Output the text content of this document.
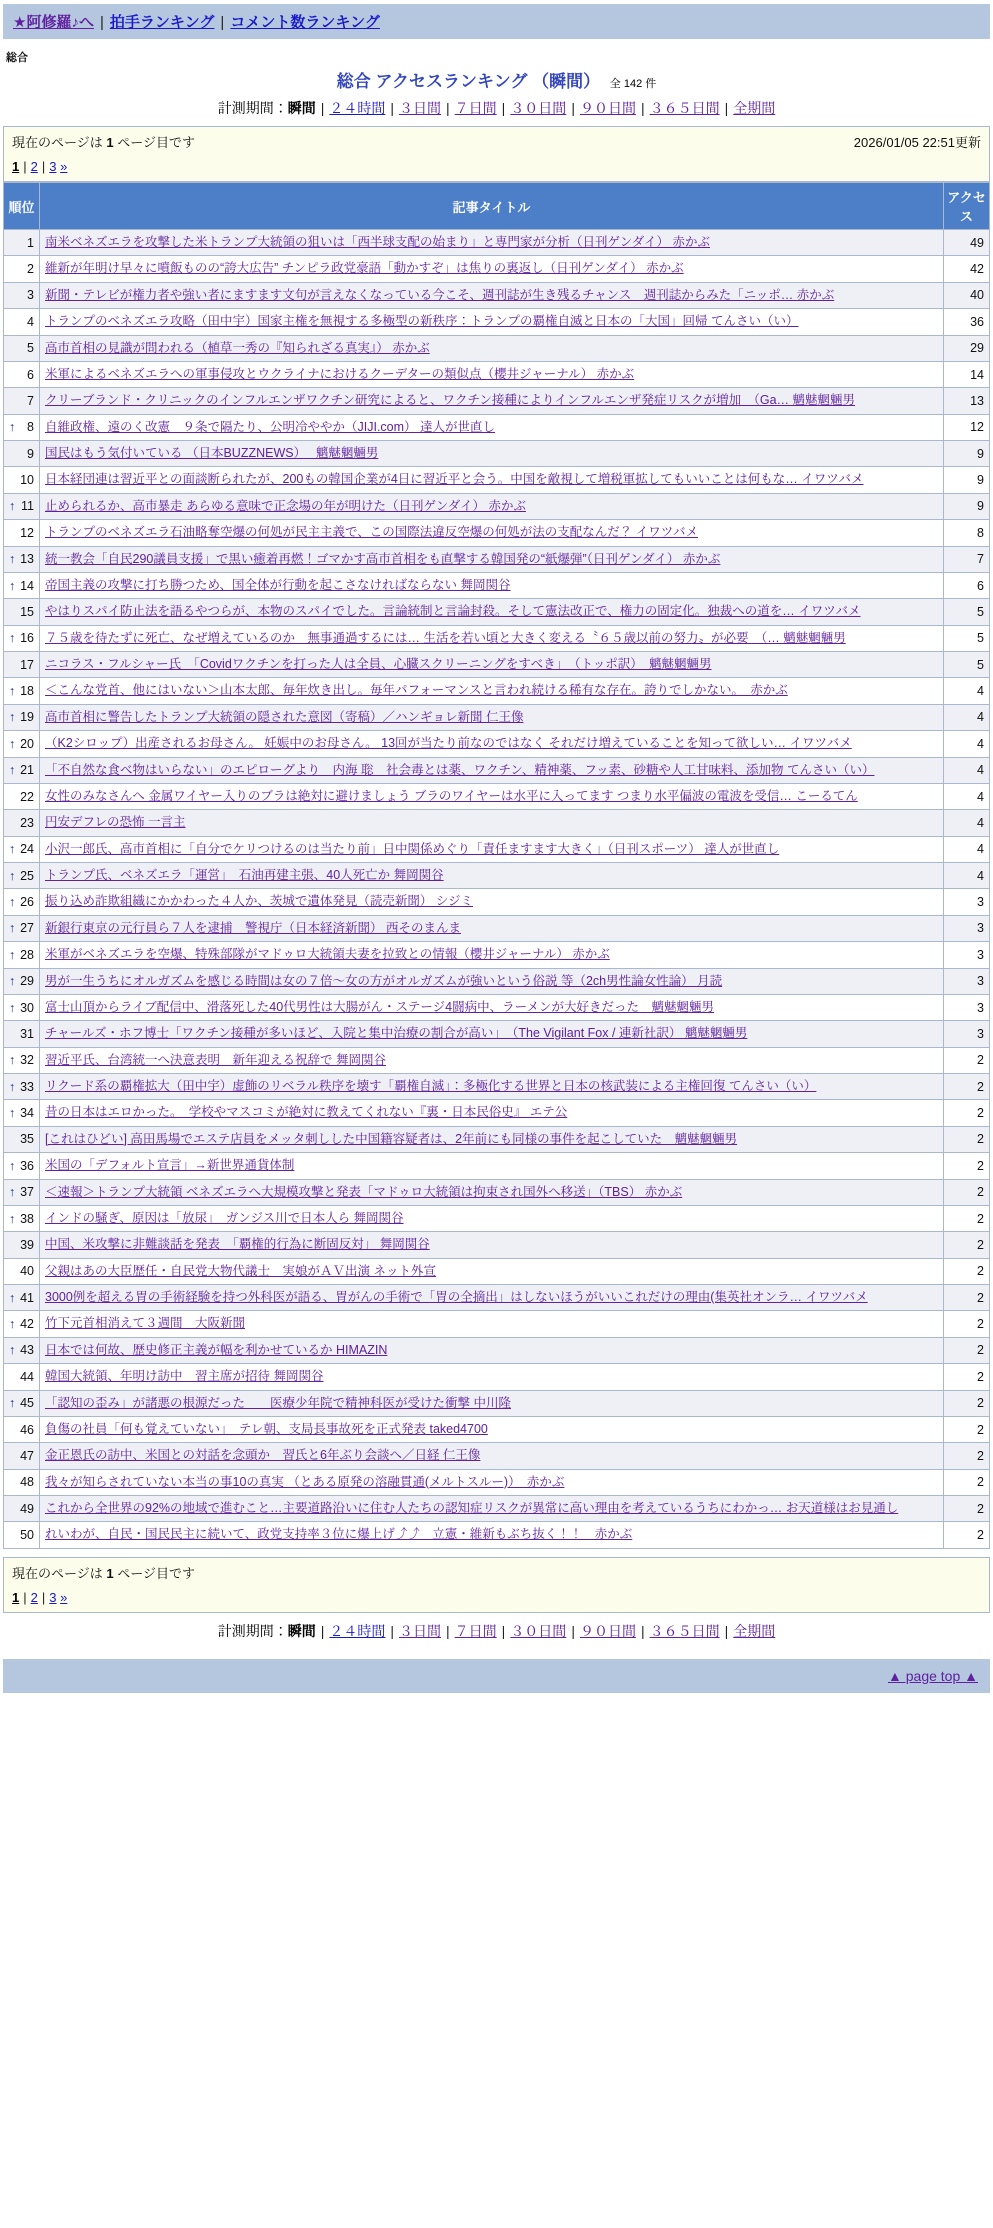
★阿修羅♪へ | 拍手ランキング | コメント数ランキング
総合
総合 アクセスランキング （瞬間） 全 142 件
計測期間：瞬間 | ２４時間 | ３日間 | ７日間 | ３０日間 | ９０日間 | ３６５日間 | 全期間
現在のページは 1 ページ目です	2026/01/05 22:51更新
1 | 2 | 3 »
順位	記事タイトル	アクセス
1	南米ベネズエラを攻撃した米トランプ大統領の狙いは「西半球支配の始まり」と専門家が分析（日刊ゲンダイ） 赤かぶ	49
2	維新が年明け早々に噴飯ものの“誇大広告” チンピラ政党豪語「動かすぞ」は焦りの裏返し（日刊ゲンダイ） 赤かぶ	42
3	新聞・テレビが権力者や強い者にますます文句が言えなくなっている今こそ、週刊誌が生き残るチャンス　週刊誌からみた「ニッポ… 赤かぶ	40
4	トランプのベネズエラ攻略（田中宇）国家主権を無視する多極型の新秩序：トランプの覇権自滅と日本の「大国」回帰 てんさい（い）	36
5	高市首相の見識が問われる（植草一秀の『知られざる真実』） 赤かぶ	29
6	米軍によるベネズエラへの軍事侵攻とウクライナにおけるクーデターの類似点（櫻井ジャーナル） 赤かぶ	14
7	クリーブランド・クリニックのインフルエンザワクチン研究によると、ワクチン接種によりインフルエンザ発症リスクが増加　（Ga… 魑魅魍魎男	13

↑ 8	自維政権、遠のく改憲　９条で隔たり、公明冷ややか（JIJI.com） 達人が世直し	12
9	国民はもう気付いている （日本BUZZNEWS）　 魑魅魍魎男	9
10	日本経団連は習近平との面談断られたが、200もの韓国企業が4日に習近平と会う。中国を敵視して増税軍拡してもいいことは何もな… イワツバメ	9

↑ 11	止められるか、高市暴走 あらゆる意味で正念場の年が明けた（日刊ゲンダイ） 赤かぶ	9
12	トランプのベネズエラ石油略奪空爆の何処が民主主義で、この国際法違反空爆の何処が法の支配なんだ？ イワツバメ	8

↑ 13	統一教会「自民290議員支援」で黒い癒着再燃！ゴマかす高市首相をも直撃する韓国発の“紙爆弾”（日刊ゲンダイ） 赤かぶ	7

↑ 14	帝国主義の攻撃に打ち勝つため、国全体が行動を起こさなければならない 舞岡関谷	6
15	やはりスパイ防止法を語るやつらが、本物のスパイでした。言論統制と言論封殺。そして憲法改正で、権力の固定化。独裁への道を… イワツバメ	5

↑ 16	７５歳を待たずに死亡、なぜ増えているのか　無事通過するには… 生活を若い頃と大きく変える〝６５歳以前の努力〟が必要　（… 魑魅魍魎男	5
17	ニコラス・フルシャー氏　「Covidワクチンを打った人は全員、心臓スクリーニングをすべき」　（トッポ訳）　魑魅魍魎男	5

↑ 18	＜こんな党首、他にはいない＞山本太郎、毎年炊き出し。毎年パフォーマンスと言われ続ける稀有な存在。誇りでしかない。　赤かぶ	4

↑ 19	高市首相に警告したトランプ大統領の隠された意図（寄稿）／ハンギョレ新聞 仁王像	4

↑ 20	（K2シロップ）出産されるお母さん。 妊娠中のお母さん。 13回が当たり前なのではなく それだけ増えていることを知って欲しい… イワツバメ	4

↑ 21	「不自然な食べ物はいらない」のエピローグより　内海 聡　社会毒とは薬、ワクチン、精神薬、フッ素、砂糖や人工甘味料、添加物 てんさい（い）	4
22	女性のみなさんへ 金属ワイヤー入りのブラは絶対に避けましょう ブラのワイヤーは水平に入ってます つまり水平偏波の電波を受信… こーるてん	4
23	円安デフレの恐怖 一言主	4

↑ 24	小沢一郎氏、高市首相に「自分でケリつけるのは当たり前」日中関係めぐり「責任ますます大きく」（日刊スポーツ） 達人が世直し	4

↑ 25	トランプ氏、ベネズエラ「運営」　石油再建主張、40人死亡か 舞岡関谷	4

↑ 26	振り込め詐欺組織にかかわった４人か、茨城で遺体発見（読売新聞） シジミ	3

↑ 27	新銀行東京の元行員ら７人を逮捕　警視庁（日本経済新聞） 西そのまんま	3

↑ 28	米軍がベネズエラを空爆、特殊部隊がマドゥロ大統領夫妻を拉致との情報（櫻井ジャーナル） 赤かぶ	3

↑ 29	男が一生うちにオルガズムを感じる時間は女の７倍〜女の方がオルガズムが強いという俗説 等（2ch男性論女性論） 月読	3

↑ 30	富士山頂からライブ配信中、滑落死した40代男性は大腸がん・ステージ4闘病中、ラーメンが大好きだった　魑魅魍魎男	3
31	チャールズ・ホフ博士「ワクチン接種が多いほど、入院と集中治療の割合が高い」　（The Vigilant Fox / 連新社訳） 魑魅魍魎男	3

↑ 32	習近平氏、台湾統一へ決意表明　新年迎える祝辞で 舞岡関谷	2

↑ 33	リクード系の覇権拡大（田中宇）虚飾のリベラル秩序を壊す「覇権自滅」：多極化する世界と日本の核武装による主権回復 てんさい（い）	2

↑ 34	昔の日本はエロかった。　学校やマスコミが絶対に教えてくれない『裏・日本民俗史』 エテ公	2
35	[これはひどい] 高田馬場でエステ店員をメッタ刺しした中国籍容疑者は、2年前にも同様の事件を起こしていた　魑魅魍魎男	2

↑ 36	米国の「デフォルト宣言」→新世界通貨体制	2

↑ 37	＜速報＞トランプ大統領 ベネズエラへ大規模攻撃と発表「マドゥロ大統領は拘束され国外へ移送」（TBS） 赤かぶ	2

↑ 38	インドの騒ぎ、原因は「放尿」　ガンジス川で日本人ら 舞岡関谷	2
39	中国、米攻撃に非難談話を発表　「覇権的行為に断固反対」 舞岡関谷	2
40	父親はあの大臣歴任・自民党大物代議士　実娘がＡＶ出演 ネット外宣	2

↑ 41	3000例を超える胃の手術経験を持つ外科医が語る、胃がんの手術で「胃の全摘出」はしないほうがいいこれだけの理由(集英社オンラ… イワツバメ	2

↑ 42	竹下元首相消えて３週間　大阪新聞	2

↑ 43	日本では何故、歴史修正主義が幅を利かせているか HIMAZIN	2
44	韓国大統領、年明け訪中　習主席が招待 舞岡関谷	2

↑ 45	「認知の歪み」が諸悪の根源だった　＿医療少年院で精神科医が受けた衝撃 中川隆	2
46	負傷の社員「何も覚えていない」　テレ朝、支局長事故死を正式発表 taked4700	2
47	金正恩氏の訪中、米国との対話を念頭か　習氏と6年ぶり会談へ／日経 仁王像	2
48	我々が知らされていない本当の事10の真実 （とある原発の溶融貫通(メルトスルー)）　赤かぶ	2
49	これから全世界の92%の地域で進むこと…主要道路沿いに住む人たちの認知症リスクが異常に高い理由を考えているうちにわかっ… お天道様はお見通し	2
50	れいわが、自民・国民民主に続いて、政党支持率３位に爆上げ⤴⤴　立憲・維新もぶち抜く！！　赤かぶ	2
現在のページは 1 ページ目です
1 | 2 | 3 »
計測期間：瞬間 | ２４時間 | ３日間 | ７日間 | ３０日間 | ９０日間 | ３６５日間 | 全期間
▲ page top ▲
